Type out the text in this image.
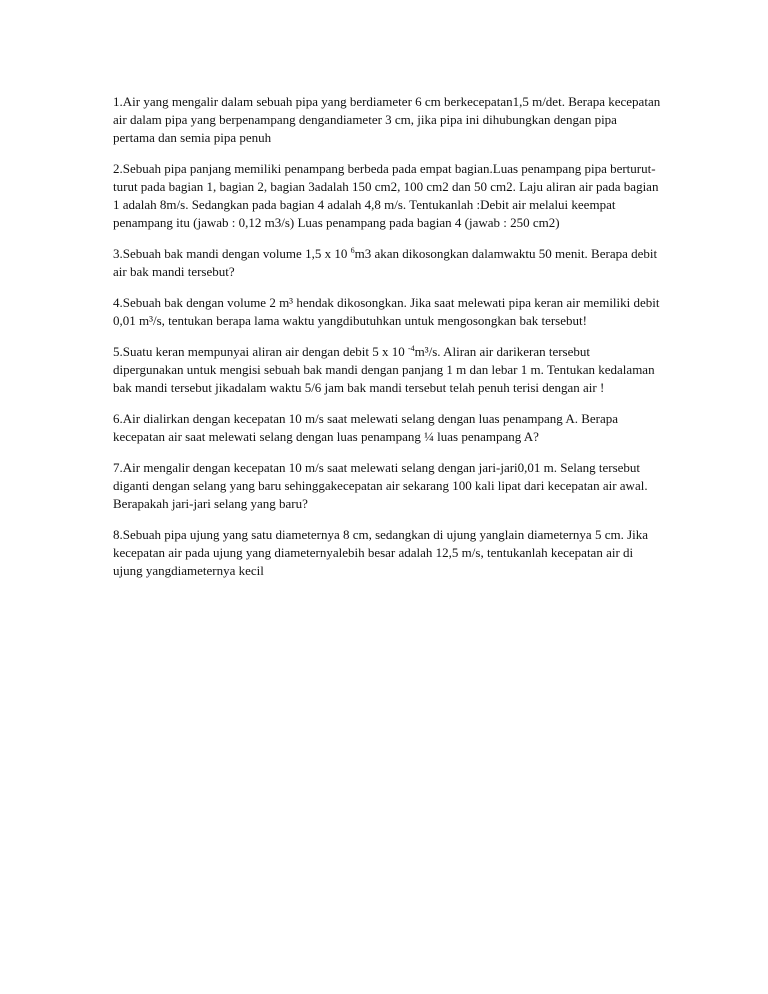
1.Air yang mengalir dalam sebuah pipa yang berdiameter 6 cm berkecepatan1,5 m/det. Berapa kecepatan air dalam pipa yang berpenampang dengandiameter 3 cm, jika pipa ini dihubungkan dengan pipa pertama dan semia pipa penuh

2.Sebuah pipa panjang memiliki penampang berbeda pada empat bagian.Luas penampang pipa berturut-turut pada bagian 1, bagian 2, bagian 3adalah 150 cm2, 100 cm2 dan 50 cm2. Laju aliran air pada bagian 1 adalah 8m/s. Sedangkan pada bagian 4 adalah 4,8 m/s. Tentukanlah :Debit air melalui keempat penampang itu (jawab : 0,12 m3/s) Luas penampang pada bagian 4 (jawab : 250 cm2)

3.Sebuah bak mandi dengan volume 1,5 x 10 $^6$m3 akan dikosongkan dalamwaktu 50 menit. Berapa debit air bak mandi tersebut?

4.Sebuah bak dengan volume 2 m³ hendak dikosongkan. Jika saat melewati pipa keran air memiliki debit 0,01 m³/s, tentukan berapa lama waktu yangdibutuhkan untuk mengosongkan bak tersebut!

5.Suatu keran mempunyai aliran air dengan debit 5 x 10 $^{-4}$m³/s. Aliran air darikeran tersebut dipergunakan untuk mengisi sebuah bak mandi dengan panjang 1 m dan lebar 1 m. Tentukan kedalaman bak mandi tersebut jikadalam waktu 5/6 jam bak mandi tersebut telah penuh terisi dengan air !

6.Air dialirkan dengan kecepatan 10 m/s saat melewati selang dengan luas penampang A. Berapa kecepatan air saat melewati selang dengan luas penampang ¼ luas penampang A?

7.Air mengalir dengan kecepatan 10 m/s saat melewati selang dengan jari-jari0,01 m. Selang tersebut diganti dengan selang yang baru sehinggakecepatan air sekarang 100 kali lipat dari kecepatan air awal. Berapakah jari-jari selang yang baru?

8.Sebuah pipa ujung yang satu diameternya 8 cm, sedangkan di ujung yanglain diameternya 5 cm. Jika kecepatan air pada ujung yang diameternyalebih besar adalah 12,5 m/s, tentukanlah kecepatan air di ujung yangdiameternya kecil
